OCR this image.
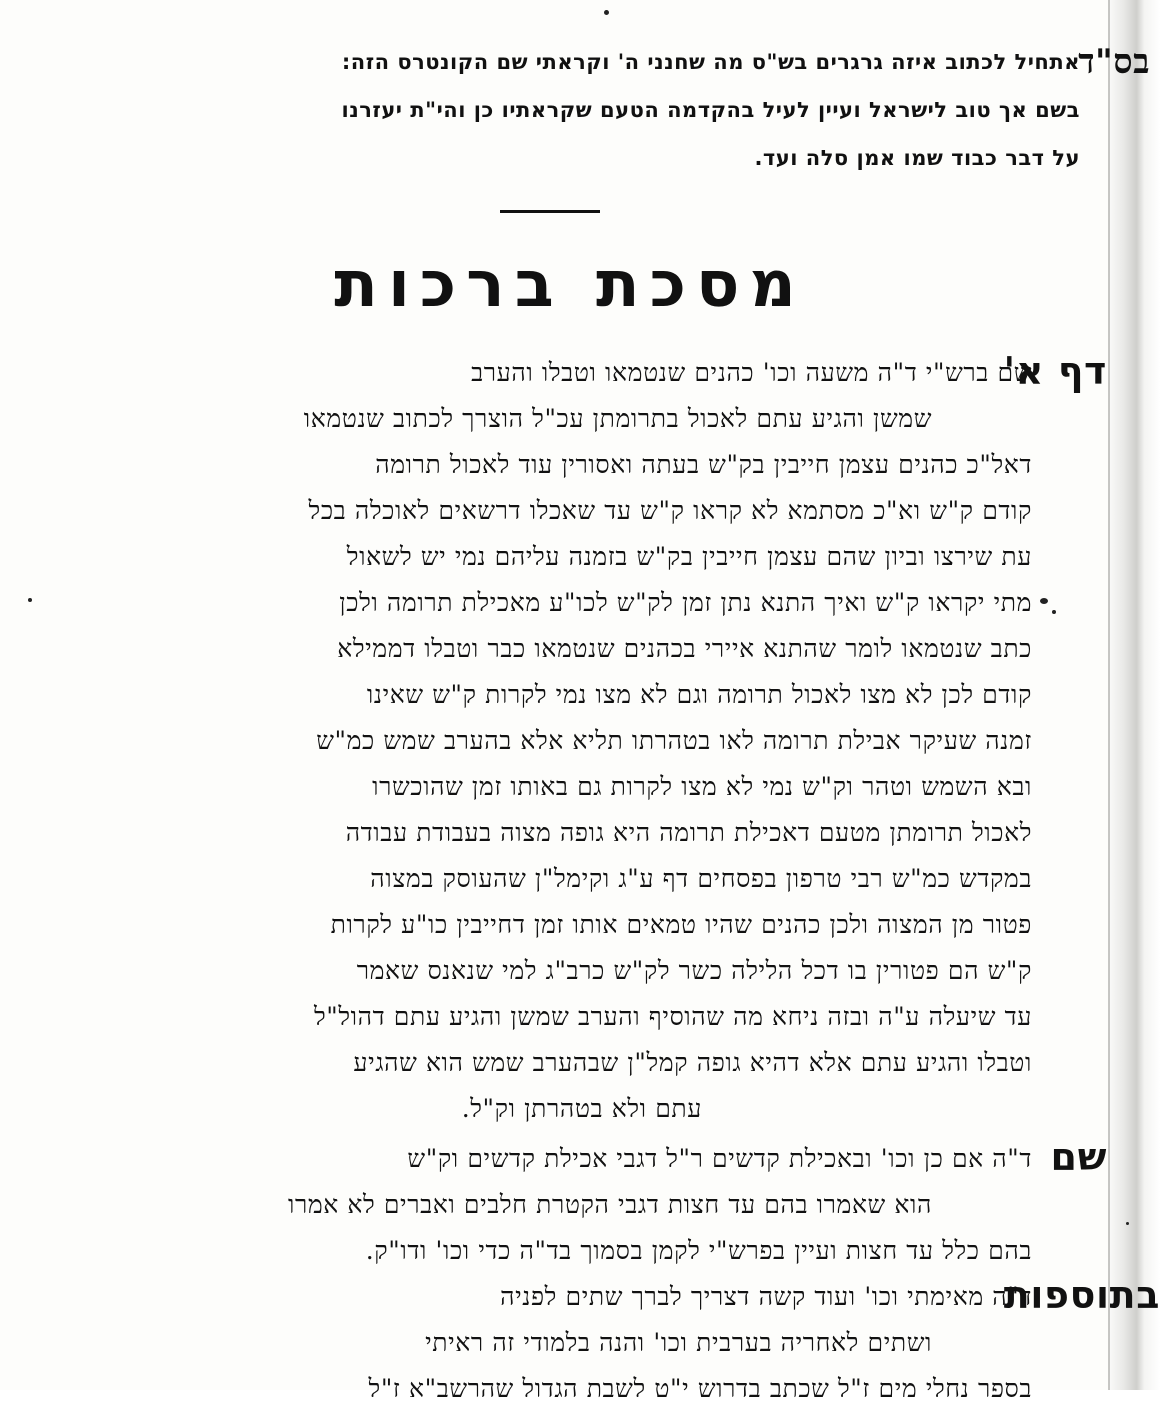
בס"ד
אתחיל לכתוב איזה גרגרים בש"ס מה שחנני ה' וקראתי שם הקונטרס הזה:
בשם אך טוב לישראל ועיין לעיל בהקדמה הטעם שקראתיו כן והי"ת יעזרנו
על דבר כבוד שמו אמן סלה ועד.
מסכת ברכות
דף א'
שם ברש"י ד"ה משעה וכו' כהנים שנטמאו וטבלו והערב
שמשן והגיע עתם לאכול בתרומתן עכ"ל הוצרך לכתוב שנטמאו
דאל"כ כהנים עצמן חייבין בק"ש בעתה ואסורין עוד לאכול תרומה
קודם ק"ש וא"כ מסתמא לא קראו ק"ש עד שאכלו דרשאים לאוכלה בכל
עת שירצו וביון שהם עצמן חייבין בק"ש בזמנה עליהם נמי יש לשאול
מתי יקראו ק"ש ואיך התנא נתן זמן לק"ש לכו"ע מאכילת תרומה ולכן
כתב שנטמאו לומר שהתנא איירי בכהנים שנטמאו כבר וטבלו דממילא
קודם לכן לא מצו לאכול תרומה וגם לא מצו נמי לקרות ק"ש שאינו
זמנה שעיקר אבילת תרומה לאו בטהרתו תליא אלא בהערב שמש כמ"ש
ובא השמש וטהר וק"ש נמי לא מצו לקרות גם באותו זמן שהוכשרו
לאכול תרומתן מטעם דאכילת תרומה היא גופה מצוה בעבודת עבודה
במקדש כמ"ש רבי טרפון בפסחים דף ע"ג וקימל"ן שהעוסק במצוה
פטור מן המצוה ולכן כהנים שהיו טמאים אותו זמן דחייבין כו"ע לקרות
ק"ש הם פטורין בו דכל הלילה כשר לק"ש כרב"ג למי שנאנס שאמר
עד שיעלה ע"ה ובזה ניחא מה שהוסיף והערב שמשן והגיע עתם דהול"ל
וטבלו והגיע עתם אלא דהיא גופה קמל"ן שבהערב שמש הוא שהגיע
עתם ולא בטהרתן וק"ל.
שם
ד"ה אם כן וכו' ובאכילת קדשים ר"ל דגבי אכילת קדשים וק"ש
הוא שאמרו בהם עד חצות דגבי הקטרת חלבים ואברים לא אמרו
בהם כלל עד חצות ועיין בפרש"י לקמן בסמוך בד"ה כדי וכו' ודו"ק.
בתוספות
ד"ה מאימתי וכו' ועוד קשה דצריך לברך שתים לפניה
ושתים לאחריה בערבית וכו' והנה בלמודי זה ראיתי
בספר נחלי מים ז"ל שכתב בדרוש י"ט לשבת הגדול שהרשב"א ז"ל
